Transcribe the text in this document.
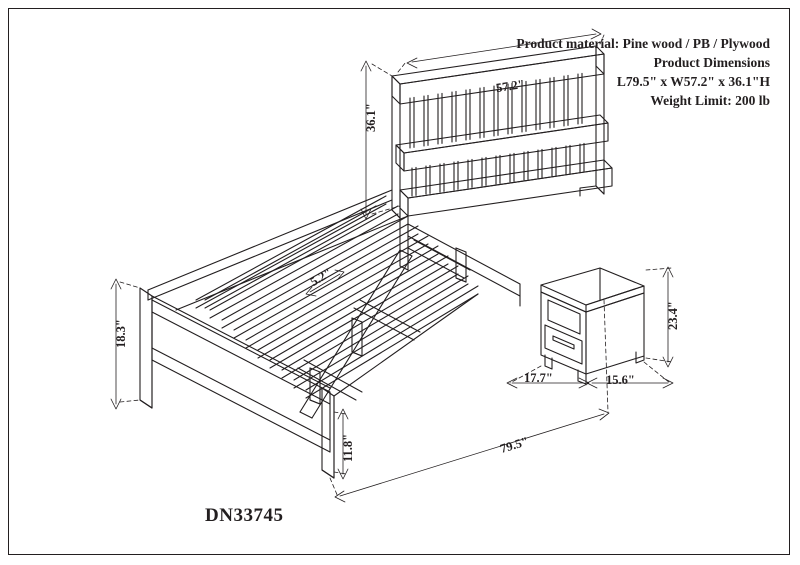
Product material: Pine wood / PB / Plywood
Product Dimensions
L79.5" x W57.2" x 36.1"H
Weight Limit: 200 lb
36.1"
57.2"
18.3"
11.8"
5.2"
79.5"
23.4"
17.7"	15.6"
DN33745
